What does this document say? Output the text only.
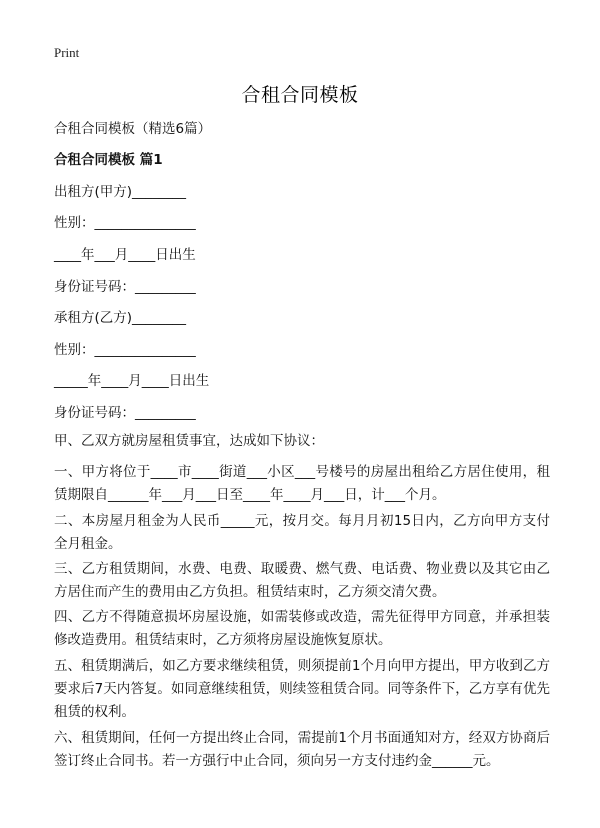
Print
合租合同模板

合租合同模板（精选6篇）

合租合同模板 篇1

出租方(甲方)________

性别：_______________

____年___月____日出生

身份证号码：_________

承租方(乙方)________

性别：_______________

_____年____月____日出生

身份证号码：_________

甲、乙双方就房屋租赁事宜，达成如下协议：

一、甲方将位于____市____街道___小区___号楼号的房屋出租给乙方居住使用，租赁期限自______年___月___日至____年____月___日，计___个月。

二、本房屋月租金为人民币_____元，按月交。每月月初15日内，乙方向甲方支付全月租金。

三、乙方租赁期间，水费、电费、取暖费、燃气费、电话费、物业费以及其它由乙方居住而产生的费用由乙方负担。租赁结束时，乙方须交清欠费。

四、乙方不得随意损坏房屋设施，如需装修或改造，需先征得甲方同意，并承担装修改造费用。租赁结束时，乙方须将房屋设施恢复原状。

五、租赁期满后，如乙方要求继续租赁，则须提前1个月向甲方提出，甲方收到乙方要求后7天内答复。如同意继续租赁，则续签租赁合同。同等条件下，乙方享有优先租赁的权利。

六、租赁期间，任何一方提出终止合同，需提前1个月书面通知对方，经双方协商后签订终止合同书。若一方强行中止合同，须向另一方支付违约金______元。
